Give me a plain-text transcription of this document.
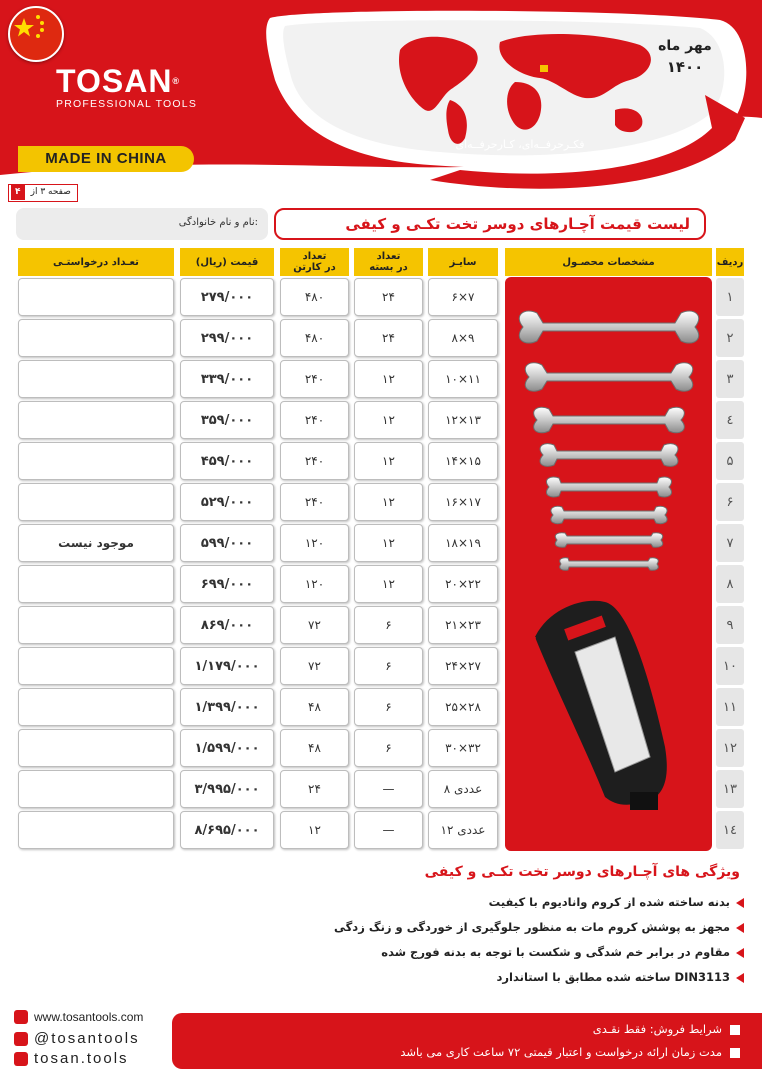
TOSAN®
PROFESSIONAL TOOLS
MADE IN CHINA
مهر ماه
۱۴۰۰
فکـرحرفــه‌ای، کـارحرفــه‌ای
۴	صفحه ۳ از
نام و نام خانوادگی:	لیست قیمت آچـارهای دوسر تخت تکـی و کیفی
ردیف
مشخصات محصـول
سایـز
تعداد
در بسته
تعداد
در کارتن
قیمت (ریال)
تعـداد درخواستـی
۲۷۹/۰۰۰	۴۸۰	۲۴	۶×۷	۱
۲۹۹/۰۰۰	۴۸۰	۲۴	۸×۹	۲
۳۳۹/۰۰۰	۲۴۰	۱۲	۱۰×۱۱	۳
۳۵۹/۰۰۰	۲۴۰	۱۲	۱۲×۱۳	٤
۴۵۹/۰۰۰	۲۴۰	۱۲	۱۴×۱۵	۵
۵۲۹/۰۰۰	۲۴۰	۱۲	۱۶×۱۷	۶
موجود نیست	۵۹۹/۰۰۰	۱۲۰	۱۲	۱۸×۱۹	۷
۶۹۹/۰۰۰	۱۲۰	۱۲	۲۰×۲۲	۸
۸۶۹/۰۰۰	۷۲	۶	۲۱×۲۳	۹
۱/۱۷۹/۰۰۰	۷۲	۶	۲۴×۲۷	۱۰
۱/۳۹۹/۰۰۰	۴۸	۶	۲۵×۲۸	۱۱
۱/۵۹۹/۰۰۰	۴۸	۶	۳۰×۳۲	۱۲
۳/۹۹۵/۰۰۰	۲۴	—	۸ عددی	۱۳
۸/۶۹۵/۰۰۰	۱۲	—	۱۲ عددی	۱٤
ویژگی های آچـارهای دوسر تخت تکـی و کیفی
بدنه ساخته شده از کروم وانادیوم با کیفیت
مجهز به پوشش کروم مات به منظور جلوگیری از خوردگی و زنگ زدگی
مقاوم در برابر خم شدگی و شکست با توجه به بدنه فورج شده
ساخته شده مطابق با استاندارد DIN3113
www.tosantools.com
@tosantools
tosan.tools
شرایط فروش: فقط نقـدی
مدت زمان ارائه درخواست و اعتبار قیمتی ۷۲ ساعت کاری می باشد
